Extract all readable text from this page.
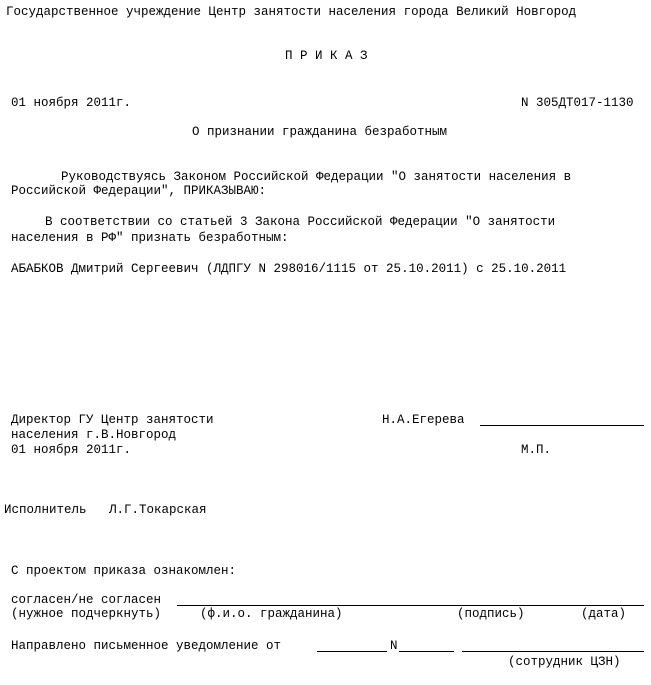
Государственное учреждение Центр занятости населения города Великий Новгород
П Р И К А З
01 ноября 2011г.	N 305ДТ017-1130
О признании гражданина безработным
Руководствуясь Законом Российской Федерации "О занятости населения в
Российской Федерации", ПРИКАЗЫВАЮ:
В соответствии со статьей 3 Закона Российской Федерации "О занятости
населения в РФ" признать безработным:
АБАБКОВ Дмитрий Сергеевич (ЛДПГУ N 298016/1115 от 25.10.2011) с 25.10.2011
Директор ГУ Центр занятости
населения г.В.Новгород
Н.А.Егерева
01 ноября 2011г.	М.П.
Исполнитель Л.Г.Токарская
С проектом приказа ознакомлен:
согласен/не согласен
(нужное подчеркнуть)	(ф.и.о. гражданина)	(подпись)	(дата)
Направлено письменное уведомление от	N
(сотрудник ЦЗН)
